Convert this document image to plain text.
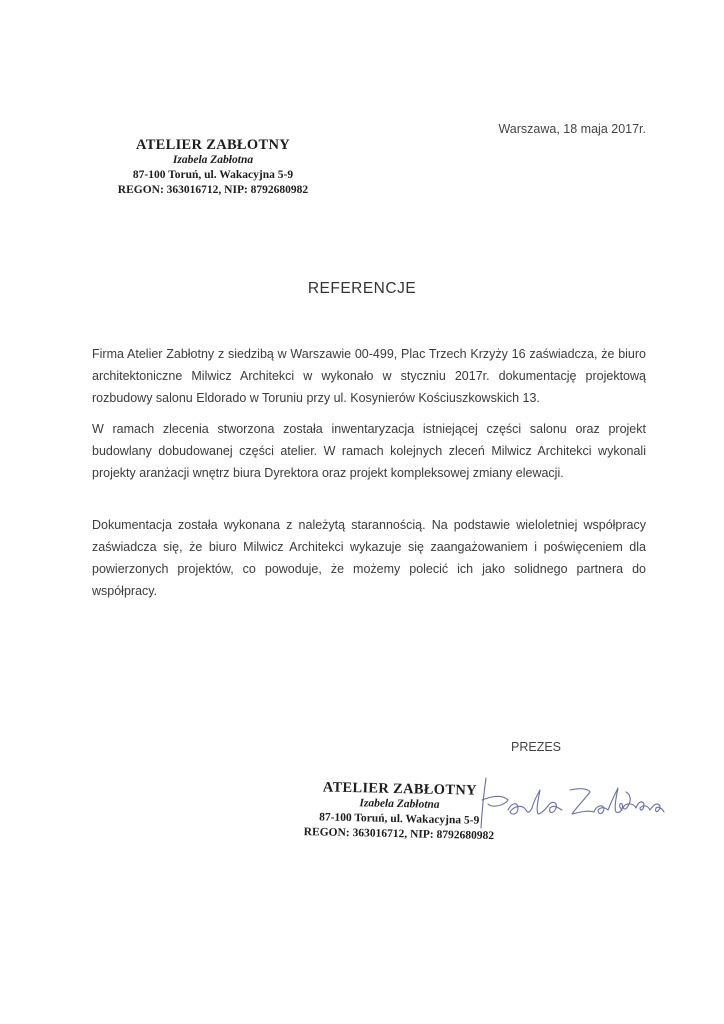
Warszawa, 18 maja 2017r.
ATELIER ZABŁOTNY
Izabela Zabłotna
87-100 Toruń, ul. Wakacyjna 5-9
REGON: 363016712, NIP: 8792680982
REFERENCJE

Firma Atelier Zabłotny z siedzibą w Warszawie 00-499, Plac Trzech Krzyży 16 zaświadcza, że biuro architektoniczne Milwicz Architekci w wykonało w styczniu 2017r. dokumentację projektową rozbudowy salonu Eldorado w Toruniu przy ul. Kosynierów Kościuszkowskich 13.

W ramach zlecenia stworzona została inwentaryzacja istniejącej części salonu oraz projekt budowlany dobudowanej części atelier. W ramach kolejnych zleceń Milwicz Architekci wykonali projekty aranżacji wnętrz biura Dyrektora oraz projekt kompleksowej zmiany elewacji.

Dokumentacja została wykonana z należytą starannością. Na podstawie wieloletniej współpracy zaświadcza się, że biuro Milwicz Architekci wykazuje się zaangażowaniem i poświęceniem dla powierzonych projektów, co powoduje, że możemy polecić ich jako solidnego partnera do współpracy.

PREZES
ATELIER ZABŁOTNY
Izabela Zabłotna
87-100 Toruń, ul. Wakacyjna 5-9
REGON: 363016712, NIP: 8792680982
